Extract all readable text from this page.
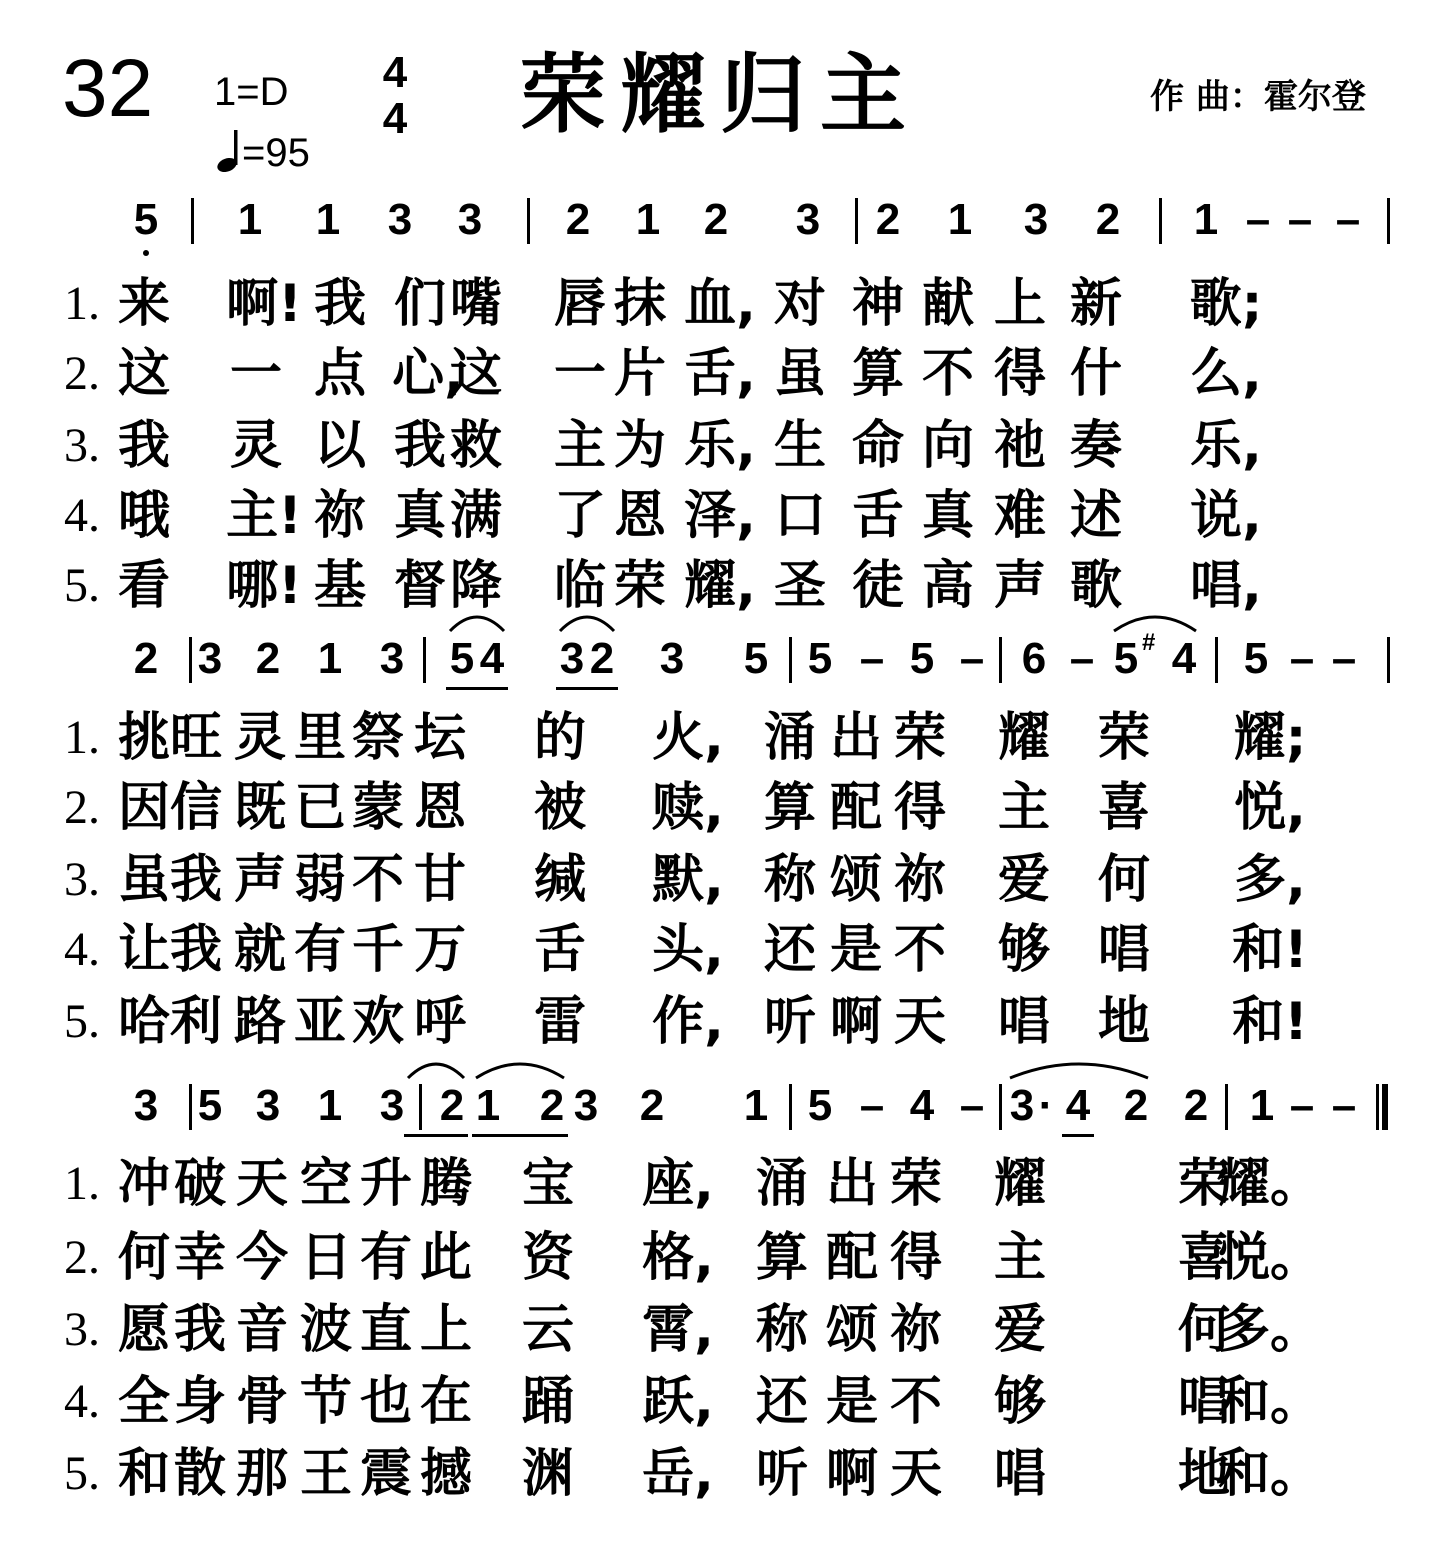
32 1=D
=95
4
4 荣耀归主	作 曲：霍尔登
5 1 1 3 3 2 1 2 3 2 1 3 2 1 – – –
1. 来 啊! 我 们 嘴 唇 抹 血, 对 神 献 上 新 歌;
2. 这 一 点 心,
这 一 片 舌, 虽 算 不 得 什 么,
3. 我 灵 以 我 救 主 为 乐, 生 命 向 祂 奏 乐,
4. 哦 主! 祢 真 满 了 恩 泽, 口 舌 真 难 述 说,
5. 看 哪! 基 督 降 临 荣 耀, 圣 徒 高 声 歌 唱,
2 3 2 1 3 5 4 3 2 3 5 5 – 5 – 6 – 5 # 4 5 – –
1. 挑 旺 灵 里 祭 坛 的 火, 涌 出 荣 耀 荣 耀;
2. 因 信 既 已 蒙 恩 被 赎, 算 配 得 主 喜 悦,
3. 虽 我 声 弱 不 甘 缄 默, 称 颂 祢 爱 何 多,
4. 让 我 就 有 千 万 舌 头, 还 是 不 够 唱 和!
5. 哈 利 路 亚 欢 呼 雷 作, 听 啊 天 唱 地 和!
3 5 3 1 3 2 1 2 3 2 1 5 – 4 – 3 · 4 2 2 1 – –
1. 冲 破 天 空 升 腾 宝 座, 涌 出 荣 耀	荣
耀。
2. 何 幸 今 日 有 此 资 格, 算 配 得 主	喜
悦。
3. 愿 我 音 波 直 上 云 霄, 称 颂 祢 爱	何
多。
4. 全 身 骨 节 也 在 踊 跃, 还 是 不 够	唱
和。
5. 和 散 那 王 震 撼 渊 岳, 听 啊 天 唱	地
和。
